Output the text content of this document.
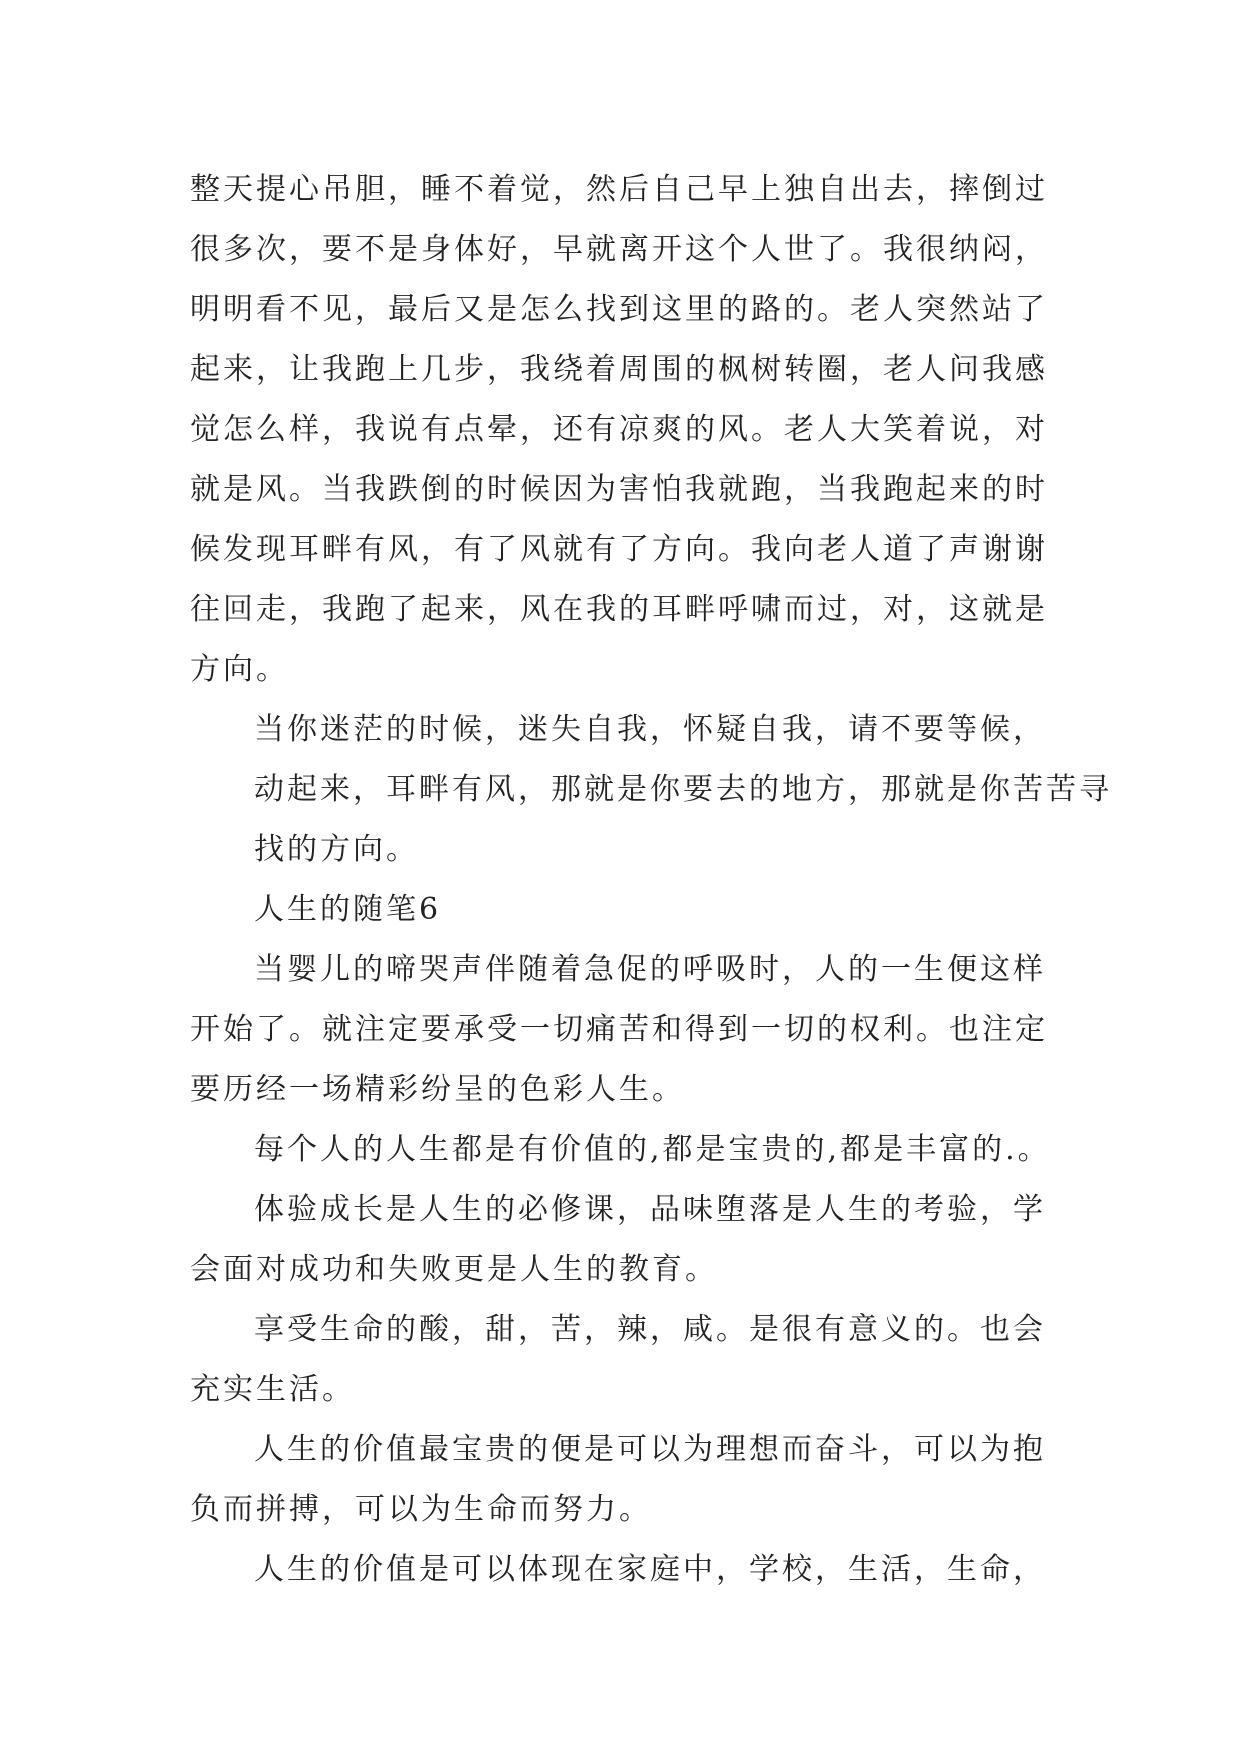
整天提心吊胆，睡不着觉，然后自己早上独自出去，摔倒过
很多次，要不是身体好，早就离开这个人世了。我很纳闷，
明明看不见，最后又是怎么找到这里的路的。老人突然站了
起来，让我跑上几步，我绕着周围的枫树转圈，老人问我感
觉怎么样，我说有点晕，还有凉爽的风。老人大笑着说，对
就是风。当我跌倒的时候因为害怕我就跑，当我跑起来的时
候发现耳畔有风，有了风就有了方向。我向老人道了声谢谢
往回走，我跑了起来，风在我的耳畔呼啸而过，对，这就是
方向。

当你迷茫的时候，迷失自我，怀疑自我，请不要等候，
动起来，耳畔有风，那就是你要去的地方，那就是你苦苦寻
找的方向。

人生的随笔6

当婴儿的啼哭声伴随着急促的呼吸时，人的一生便这样
开始了。就注定要承受一切痛苦和得到一切的权利。也注定
要历经一场精彩纷呈的色彩人生。

每个人的人生都是有价值的,都是宝贵的,都是丰富的.。

体验成长是人生的必修课，品味堕落是人生的考验，学
会面对成功和失败更是人生的教育。

享受生命的酸，甜，苦，辣，咸。是很有意义的。也会
充实生活。

人生的价值最宝贵的便是可以为理想而奋斗，可以为抱
负而拼搏，可以为生命而努力。

人生的价值是可以体现在家庭中，学校，生活，生命，
